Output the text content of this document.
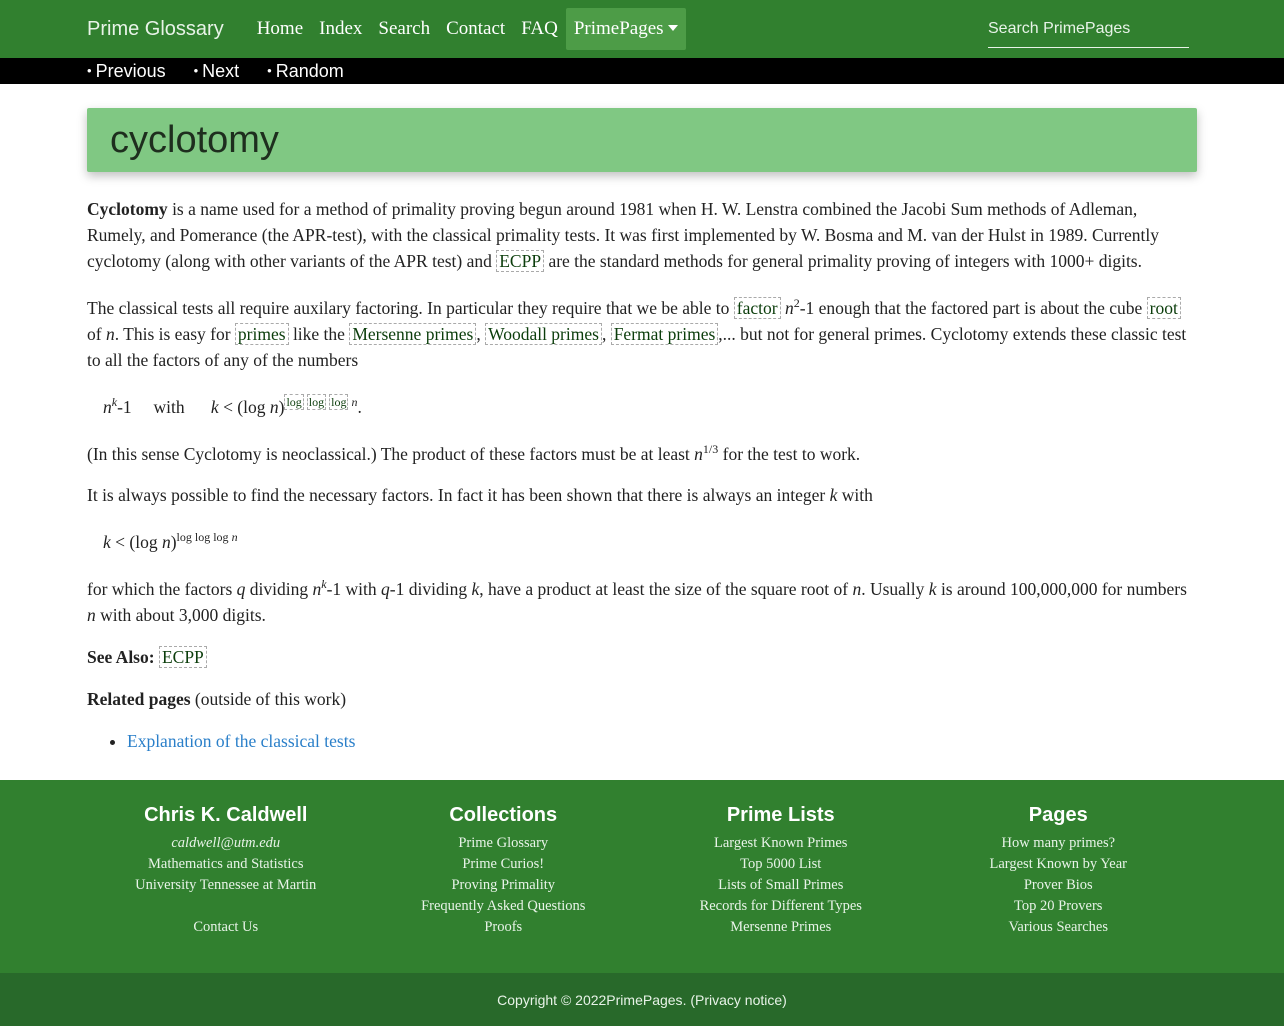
Prime Glossary	Home Index Search Contact FAQ PrimePages
Search PrimePages
• Previous • Next • Random
cyclotomy

Cyclotomy is a name used for a method of primality proving begun around 1981 when H. W. Lenstra combined the Jacobi Sum methods of Adleman, Rumely, and Pomerance (the APR-test), with the classical primality tests. It was first implemented by W. Bosma and M. van der Hulst in 1989. Currently cyclotomy (along with other variants of the APR test) and ECPP are the standard methods for general primality proving of integers with 1000+ digits.

The classical tests all require auxilary factoring. In particular they require that we be able to factor $n^2-1$ enough that the factored part is about the cube root of n. This is easy for primes like the Mersenne primes , Woodall primes , Fermat primes ,... but not for general primes. Cyclotomy extends these classic test to all the factors of any of the numbers

$n^k-1$ with k < (log n) $^{log log log n}$.

(In this sense Cyclotomy is neoclassical.) The product of these factors must be at least $n^{1/3}$ for the test to work.

It is always possible to find the necessary factors. In fact it has been shown that there is always an integer k with

k < (log n)$^{log log log n}$

for which the factors q dividing $n^k-1$ with q-1 dividing k, have a product at least the size of the square root of n. Usually k is around 100,000,000 for numbers n with about 3,000 digits.

See Also: ECPP

Related pages (outside of this work)

• Explanation of the classical tests
Chris K. Caldwell
caldwell@utm.edu
Mathematics and Statistics
University Tennessee at Martin

Contact Us
Collections
Prime Glossary
Prime Curios!
Proving Primality
Frequently Asked Questions
Proofs
Prime Lists
Largest Known Primes
Top 5000 List
Lists of Small Primes
Records for Different Types
Mersenne Primes
Pages
How many primes?
Largest Known by Year
Prover Bios
Top 20 Provers
Various Searches
Copyright © 2022 PrimePages . ( Privacy notice )
